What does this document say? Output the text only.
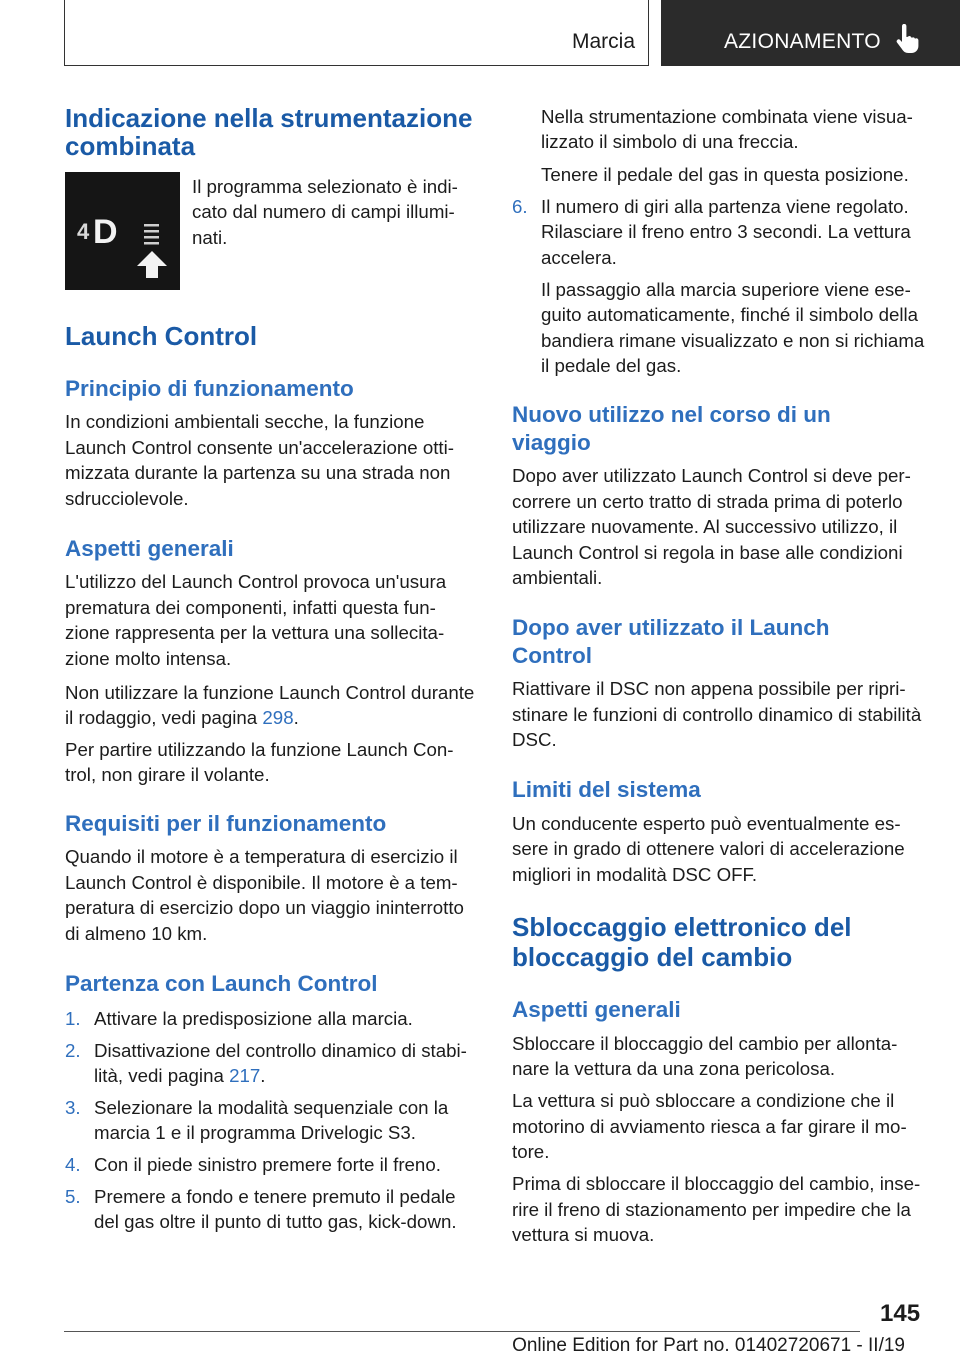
Marcia	AZIONAMENTO
Indicazione nella strumentazione
combinata
4 D
Il programma selezionato è indi-
cato dal numero di campi illumi-
nati.
Launch Control
Principio di funzionamento
In condizioni ambientali secche, la funzione
Launch Control consente un'accelerazione otti-
mizzata durante la partenza su una strada non
sdrucciolevole.
Aspetti generali
L'utilizzo del Launch Control provoca un'usura
prematura dei componenti, infatti questa fun-
zione rappresenta per la vettura una sollecita-
zione molto intensa.
Non utilizzare la funzione Launch Control durante
il rodaggio, vedi pagina 298.
Per partire utilizzando la funzione Launch Con-
trol, non girare il volante.
Requisiti per il funzionamento
Quando il motore è a temperatura di esercizio il
Launch Control è disponibile. Il motore è a tem-
peratura di esercizio dopo un viaggio ininterrotto
di almeno 10 km.
Partenza con Launch Control
1. Attivare la predisposizione alla marcia.
2. Disattivazione del controllo dinamico di stabi-
lità, vedi pagina 217.
3. Selezionare la modalità sequenziale con la
marcia 1 e il programma Drivelogic S3.
4. Con il piede sinistro premere forte il freno.
5. Premere a fondo e tenere premuto il pedale
del gas oltre il punto di tutto gas, kick-down.
Nella strumentazione combinata viene visua-
lizzato il simbolo di una freccia.
Tenere il pedale del gas in questa posizione.
6. Il numero di giri alla partenza viene regolato.
Rilasciare il freno entro 3 secondi. La vettura
accelera.
Il passaggio alla marcia superiore viene ese-
guito automaticamente, finché il simbolo della
bandiera rimane visualizzato e non si richiama
il pedale del gas.
Nuovo utilizzo nel corso di un
viaggio
Dopo aver utilizzato Launch Control si deve per-
correre un certo tratto di strada prima di poterlo
utilizzare nuovamente. Al successivo utilizzo, il
Launch Control si regola in base alle condizioni
ambientali.
Dopo aver utilizzato il Launch
Control
Riattivare il DSC non appena possibile per ripri-
stinare le funzioni di controllo dinamico di stabilità
DSC.
Limiti del sistema
Un conducente esperto può eventualmente es-
sere in grado di ottenere valori di accelerazione
migliori in modalità DSC OFF.
Sbloccaggio elettronico del
bloccaggio del cambio
Aspetti generali
Sbloccare il bloccaggio del cambio per allonta-
nare la vettura da una zona pericolosa.
La vettura si può sbloccare a condizione che il
motorino di avviamento riesca a far girare il mo-
tore.
Prima di sbloccare il bloccaggio del cambio, inse-
rire il freno di stazionamento per impedire che la
vettura si muova.
145
Online Edition for Part no. 01402720671 - II/19
